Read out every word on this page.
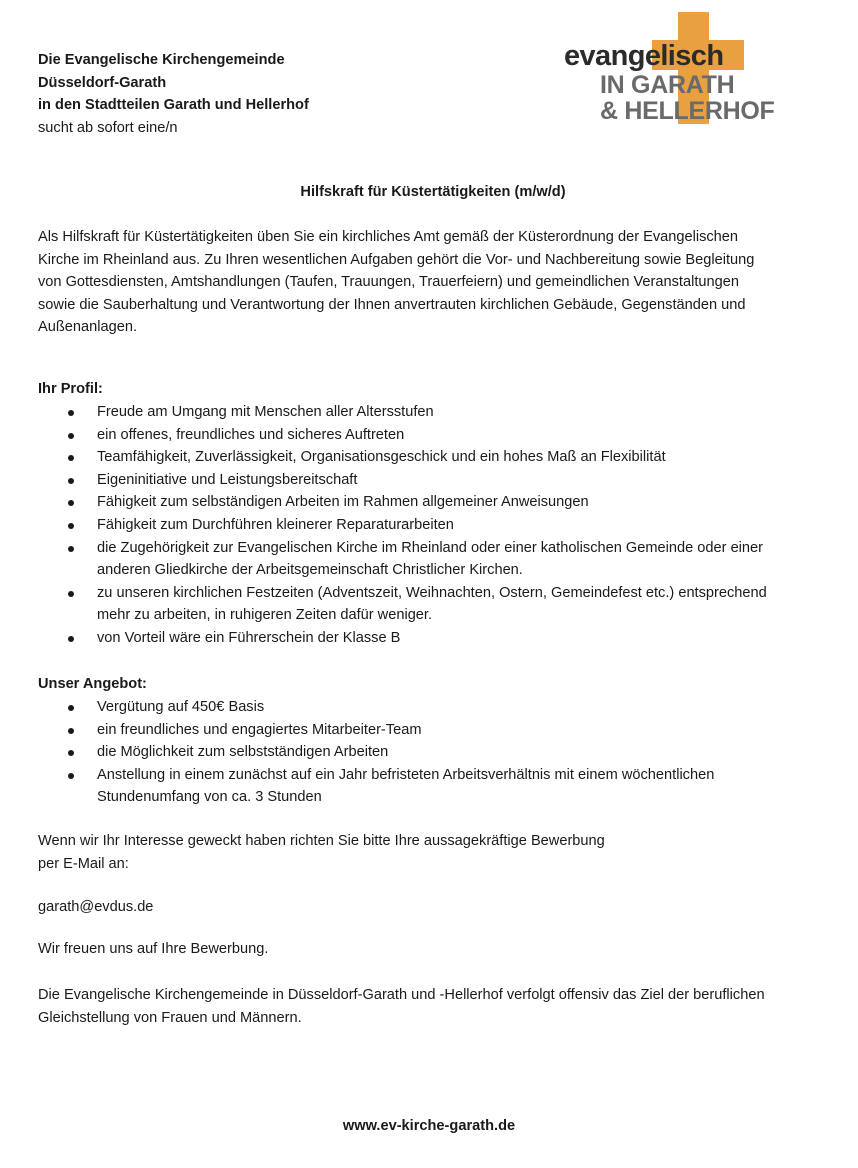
Die Evangelische Kirchengemeinde
Düsseldorf-Garath
in den Stadtteilen Garath und Hellerhof
sucht ab sofort eine/n
Hilfskraft für Küstertätigkeiten (m/w/d)
Als Hilfskraft für Küstertätigkeiten üben Sie ein kirchliches Amt gemäß der Küsterordnung der Evangelischen Kirche im Rheinland aus. Zu Ihren wesentlichen Aufgaben gehört die Vor- und Nachbereitung sowie Begleitung von Gottesdiensten, Amtshandlungen (Taufen, Trauungen, Trauerfeiern) und gemeindlichen Veranstaltungen sowie die Sauberhaltung und Verantwortung der Ihnen anvertrauten kirchlichen Gebäude, Gegenständen und Außenanlagen.
Ihr Profil:
Freude am Umgang mit Menschen aller Altersstufen
ein offenes, freundliches und sicheres Auftreten
Teamfähigkeit, Zuverlässigkeit, Organisationsgeschick und ein hohes Maß an Flexibilität
Eigeninitiative und Leistungsbereitschaft
Fähigkeit zum selbständigen Arbeiten im Rahmen allgemeiner Anweisungen
Fähigkeit zum Durchführen kleinerer Reparaturarbeiten
die Zugehörigkeit zur Evangelischen Kirche im Rheinland oder einer katholischen Gemeinde oder einer anderen Gliedkirche der Arbeitsgemeinschaft Christlicher Kirchen.
zu unseren kirchlichen Festzeiten (Adventszeit, Weihnachten, Ostern, Gemeindefest etc.) entsprechend mehr zu arbeiten, in ruhigeren Zeiten dafür weniger.
von Vorteil wäre ein Führerschein der Klasse B
Unser Angebot:
Vergütung auf 450€ Basis
ein freundliches und engagiertes Mitarbeiter-Team
die Möglichkeit zum selbstständigen Arbeiten
Anstellung in einem zunächst auf ein Jahr befristeten Arbeitsverhältnis mit einem wöchentlichen Stundenumfang von ca. 3 Stunden
Wenn wir Ihr Interesse geweckt haben richten Sie bitte Ihre aussagekräftige Bewerbung
per E-Mail an:
garath@evdus.de
Wir freuen uns auf Ihre Bewerbung.
Die Evangelische Kirchengemeinde in Düsseldorf-Garath und -Hellerhof verfolgt offensiv das Ziel der beruflichen Gleichstellung von Frauen und Männern.
www.ev-kirche-garath.de
evangelisch
IN GARATH
& HELLERHOF
